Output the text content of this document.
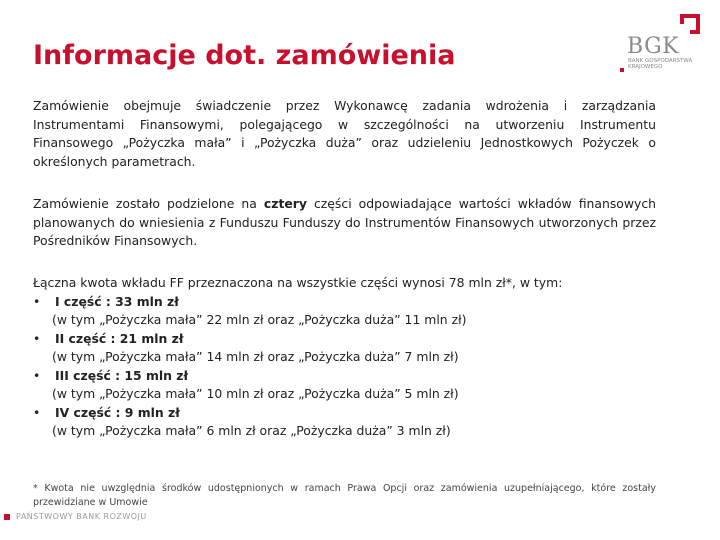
Informacje dot. zamówienia	BGK
BANK GOSPODARSTWA KRAJOWEGO
Zamówienie obejmuje świadczenie przez Wykonawcę zadania wdrożenia i zarządzania Instrumentami Finansowymi, polegającego w szczególności na utworzeniu Instrumentu Finansowego „Pożyczka mała” i „Pożyczka duża” oraz udzieleniu Jednostkowych Pożyczek o określonych parametrach.
Zamówienie zostało podzielone na cztery części odpowiadające wartości wkładów finansowych planowanych do wniesienia z Funduszu Funduszy do Instrumentów Finansowych utworzonych przez Pośredników Finansowych.
Łączna kwota wkładu FF przeznaczona na wszystkie części wynosi 78 mln zł*, w tym:
• I część : 33 mln zł
(w tym „Pożyczka mała” 22 mln zł oraz „Pożyczka duża” 11 mln zł)
• II część : 21 mln zł
(w tym „Pożyczka mała” 14 mln zł oraz „Pożyczka duża” 7 mln zł)
• III część : 15 mln zł
(w tym „Pożyczka mała” 10 mln zł oraz „Pożyczka duża” 5 mln zł)
• IV część : 9 mln zł
(w tym „Pożyczka mała” 6 mln zł oraz „Pożyczka duża” 3 mln zł)
* Kwota nie uwzględnia środków udostępnionych w ramach Prawa Opcji oraz zamówienia uzupełniającego, które zostały przewidziane w Umowie
PAŃSTWOWY BANK ROZWOJU
